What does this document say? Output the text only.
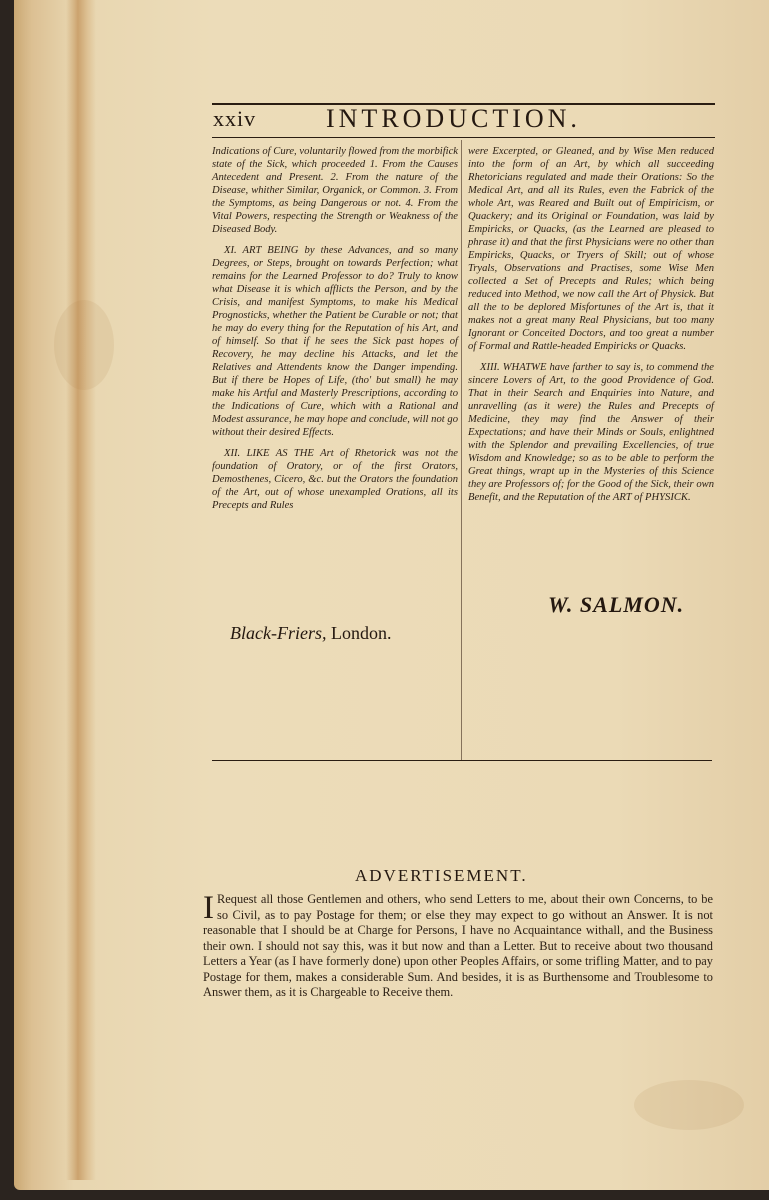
xxiv	INTRODUCTION.

Indications of Cure, voluntarily flowed from the morbifick state of the Sick, which proceeded 1. From the Causes Antecedent and Present. 2. From the nature of the Disease, whither Similar, Organick, or Common. 3. From the Symptoms, as being Dangerous or not. 4. From the Vital Powers, respecting the Strength or Weakness of the Diseased Body.

XI. ART BEING by these Advances, and so many Degrees, or Steps, brought on towards Perfection; what remains for the Learned Professor to do? Truly to know what Disease it is which afflicts the Person, and by the Crisis, and manifest Symptoms, to make his Medical Prognosticks, whether the Patient be Curable or not; that he may do every thing for the Reputation of his Art, and of himself. So that if he sees the Sick past hopes of Recovery, he may decline his Attacks, and let the Relatives and Attendents know the Danger impending. But if there be Hopes of Life, (tho' but small) he may make his Artful and Masterly Prescriptions, according to the Indications of Cure, which with a Rational and Modest assurance, he may hope and conclude, will not go without their desired Effects.

XII. LIKE AS THE Art of Rhetorick was not the foundation of Oratory, or of the first Orators, Demosthenes, Cicero, &c. but the Orators the foundation of the Art, out of whose unexampled Orations, all its Precepts and Rules

were Excerpted, or Gleaned, and by Wise Men reduced into the form of an Art, by which all succeeding Rhetoricians regulated and made their Orations: So the Medical Art, and all its Rules, even the Fabrick of the whole Art, was Reared and Built out of Empiricism, or Quackery; and its Original or Foundation, was laid by Empiricks, or Quacks, (as the Learned are pleased to phrase it) and that the first Physicians were no other than Empiricks, Quacks, or Tryers of Skill; out of whose Tryals, Observations and Practises, some Wise Men collected a Set of Precepts and Rules; which being reduced into Method, we now call the Art of Physick. But all the to be deplored Misfortunes of the Art is, that it makes not a great many Real Physicians, but too many Ignorant or Conceited Doctors, and too great a number of Formal and Rattle-headed Empiricks or Quacks.

XIII. WHATWE have farther to say is, to commend the sincere Lovers of Art, to the good Providence of God. That in their Search and Enquiries into Nature, and unravelling (as it were) the Rules and Precepts of Medicine, they may find the Answer of their Expectations; and have their Minds or Souls, enlightned with the Splendor and prevailing Excellencies, of true Wisdom and Knowledge; so as to be able to perform the Great things, wrapt up in the Mysteries of this Science they are Professors of; for the Good of the Sick, their own Benefit, and the Reputation of the ART of PHYSICK.

W. SALMON.
Black-Friers, London.
ADVERTISEMENT.
I Request all those Gentlemen and others, who send Letters to me, about their own Concerns, to be so Civil, as to pay Postage for them; or else they may expect to go without an Answer. It is not reasonable that I should be at Charge for Persons, I have no Acquaintance withall, and the Business their own. I should not say this, was it but now and than a Letter. But to receive about two thousand Letters a Year (as I have formerly done) upon other Peoples Affairs, or some trifling Matter, and to pay Postage for them, makes a considerable Sum. And besides, it is as Burthensome and Troublesome to Answer them, as it is Chargeable to Receive them.
